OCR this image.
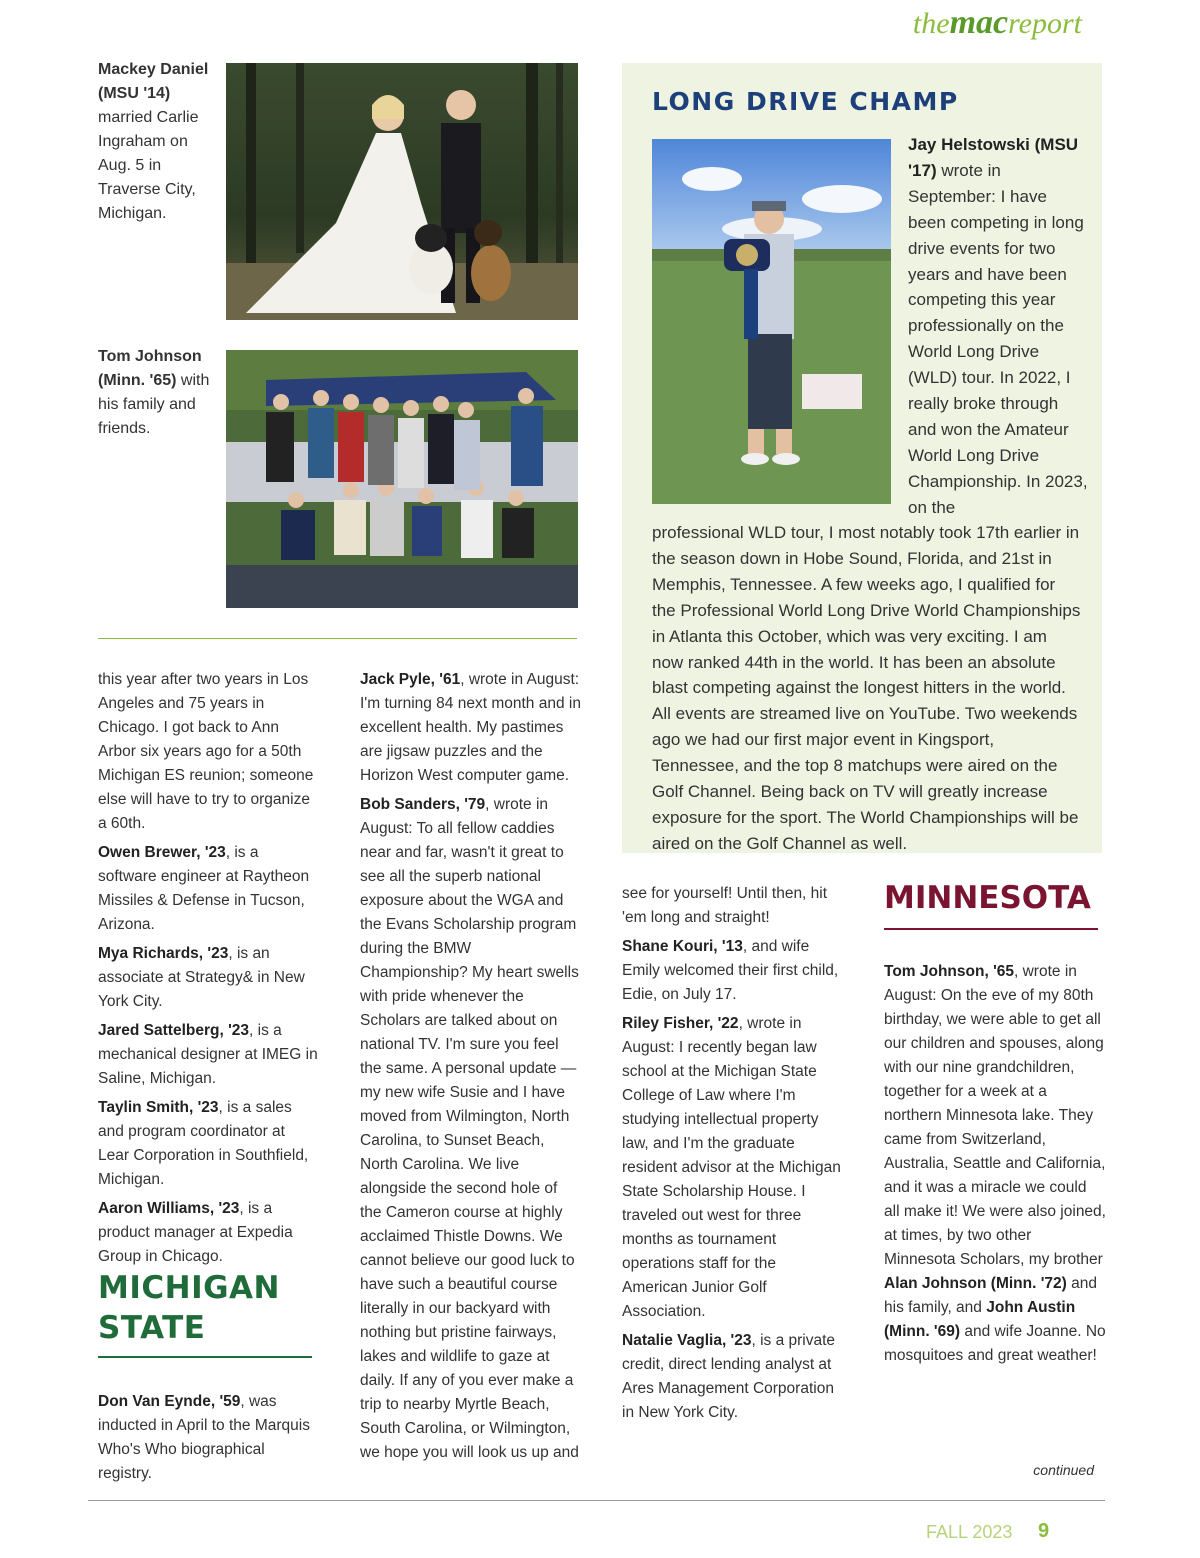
themacreport
Mackey Daniel (MSU '14) married Carlie Ingraham on Aug. 5 in Traverse City, Michigan.
Tom Johnson (Minn. '65) with his family and friends.
LONG DRIVE CHAMP
Jay Helstowski (MSU '17) wrote in September: I have been competing in long drive events for two years and have been competing this year professionally on the World Long Drive (WLD) tour. In 2022, I really broke through and won the Amateur World Long Drive Championship. In 2023, on the
professional WLD tour, I most notably took 17th earlier in the season down in Hobe Sound, Florida, and 21st in Memphis, Tennessee. A few weeks ago, I qualified for the Professional World Long Drive World Championships in Atlanta this October, which was very exciting. I am now ranked 44th in the world. It has been an absolute blast competing against the longest hitters in the world. All events are streamed live on YouTube. Two weekends ago we had our first major event in Kingsport, Tennessee, and the top 8 matchups were aired on the Golf Channel. Being back on TV will greatly increase exposure for the sport. The World Championships will be aired on the Golf Channel as well.

this year after two years in Los Angeles and 75 years in Chicago. I got back to Ann Arbor six years ago for a 50th Michigan ES reunion; someone else will have to try to organize a 60th.

Owen Brewer, '23, is a software engineer at Raytheon Missiles & Defense in Tucson, Arizona.

Mya Richards, '23, is an associate at Strategy& in New York City.

Jared Sattelberg, '23, is a mechanical designer at IMEG in Saline, Michigan.

Taylin Smith, '23, is a sales and program coordinator at Lear Corporation in Southfield, Michigan.

Aaron Williams, '23, is a product manager at Expedia Group in Chicago.

MICHIGAN
STATE

Don Van Eynde, '59, was inducted in April to the Marquis Who's Who biographical registry.

Jack Pyle, '61, wrote in August: I'm turning 84 next month and in excellent health. My pastimes are jigsaw puzzles and the Horizon West computer game.

Bob Sanders, '79, wrote in August: To all fellow caddies near and far, wasn't it great to see all the superb national exposure about the WGA and the Evans Scholarship program during the BMW Championship? My heart swells with pride whenever the Scholars are talked about on national TV. I'm sure you feel the same. A personal update — my new wife Susie and I have moved from Wilmington, North Carolina, to Sunset Beach, North Carolina. We live alongside the second hole of the Cameron course at highly acclaimed Thistle Downs. We cannot believe our good luck to have such a beautiful course literally in our backyard with nothing but pristine fairways, lakes and wildlife to gaze at daily. If any of you ever make a trip to nearby Myrtle Beach, South Carolina, or Wilmington, we hope you will look us up and

see for yourself! Until then, hit 'em long and straight!

Shane Kouri, '13, and wife Emily welcomed their first child, Edie, on July 17.

Riley Fisher, '22, wrote in August: I recently began law school at the Michigan State College of Law where I'm studying intellectual property law, and I'm the graduate resident advisor at the Michigan State Scholarship House. I traveled out west for three months as tournament operations staff for the American Junior Golf Association.

Natalie Vaglia, '23, is a private credit, direct lending analyst at Ares Management Corporation in New York City.

MINNESOTA

Tom Johnson, '65, wrote in August: On the eve of my 80th birthday, we were able to get all our children and spouses, along with our nine grandchildren, together for a week at a northern Minnesota lake. They came from Switzerland, Australia, Seattle and California, and it was a miracle we could all make it! We were also joined, at times, by two other Minnesota Scholars, my brother Alan Johnson (Minn. '72) and his family, and John Austin (Minn. '69) and wife Joanne. No mosquitoes and great weather!

continued
FALL 2023 9
